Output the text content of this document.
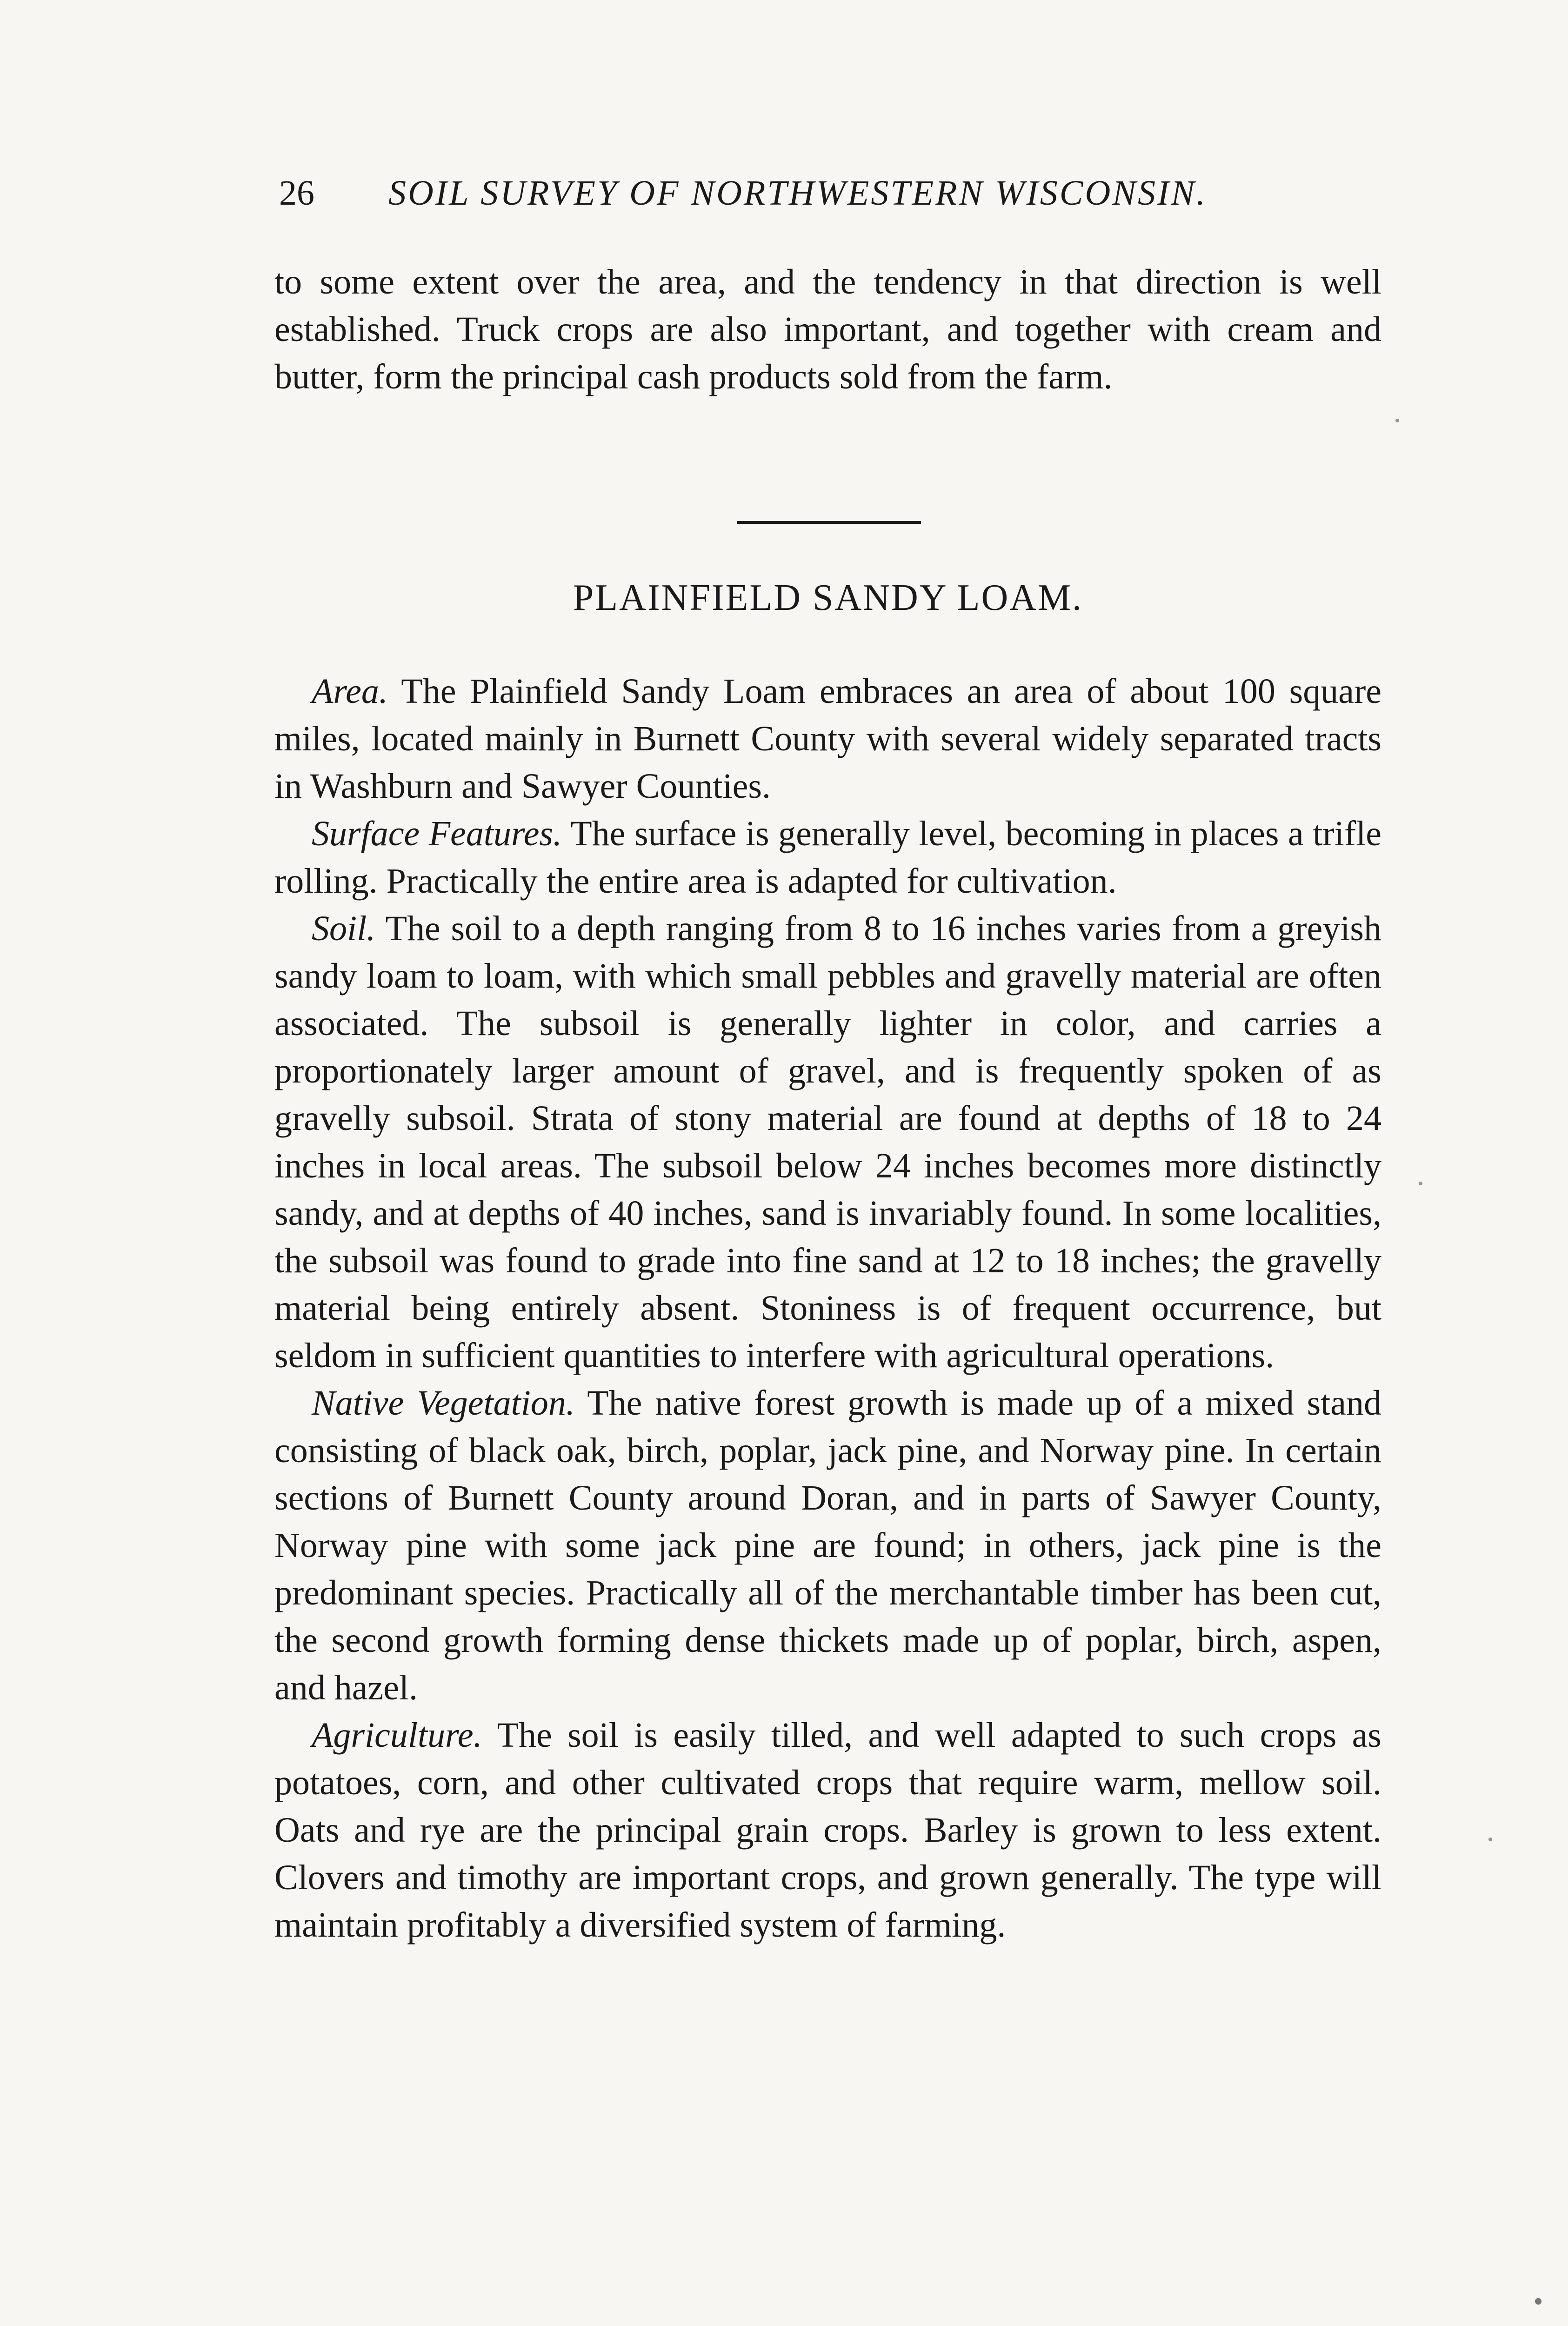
26 SOIL SURVEY OF NORTHWESTERN WISCONSIN.

to some extent over the area, and the tendency in that direction is well established. Truck crops are also important, and together with cream and butter, form the principal cash products sold from the farm.

PLAINFIELD SANDY LOAM.

Area. The Plainfield Sandy Loam embraces an area of about 100 square miles, located mainly in Burnett County with several widely separated tracts in Washburn and Sawyer Counties.

Surface Features. The surface is generally level, becoming in places a trifle rolling. Practically the entire area is adapted for cultivation.

Soil. The soil to a depth ranging from 8 to 16 inches varies from a greyish sandy loam to loam, with which small pebbles and gravelly material are often associated. The subsoil is generally lighter in color, and carries a proportionately larger amount of gravel, and is frequently spoken of as gravelly subsoil. Strata of stony material are found at depths of 18 to 24 inches in local areas. The subsoil below 24 inches becomes more distinctly sandy, and at depths of 40 inches, sand is invariably found. In some localities, the subsoil was found to grade into fine sand at 12 to 18 inches; the gravelly material being entirely absent. Stoniness is of frequent occurrence, but seldom in sufficient quantities to interfere with agricultural operations.

Native Vegetation. The native forest growth is made up of a mixed stand consisting of black oak, birch, poplar, jack pine, and Norway pine. In certain sections of Burnett County around Doran, and in parts of Sawyer County, Norway pine with some jack pine are found; in others, jack pine is the predominant species. Practically all of the merchantable timber has been cut, the second growth forming dense thickets made up of poplar, birch, aspen, and hazel.

Agriculture. The soil is easily tilled, and well adapted to such crops as potatoes, corn, and other cultivated crops that require warm, mellow soil. Oats and rye are the principal grain crops. Barley is grown to less extent. Clovers and timothy are important crops, and grown generally. The type will maintain profitably a diversified system of farming.
